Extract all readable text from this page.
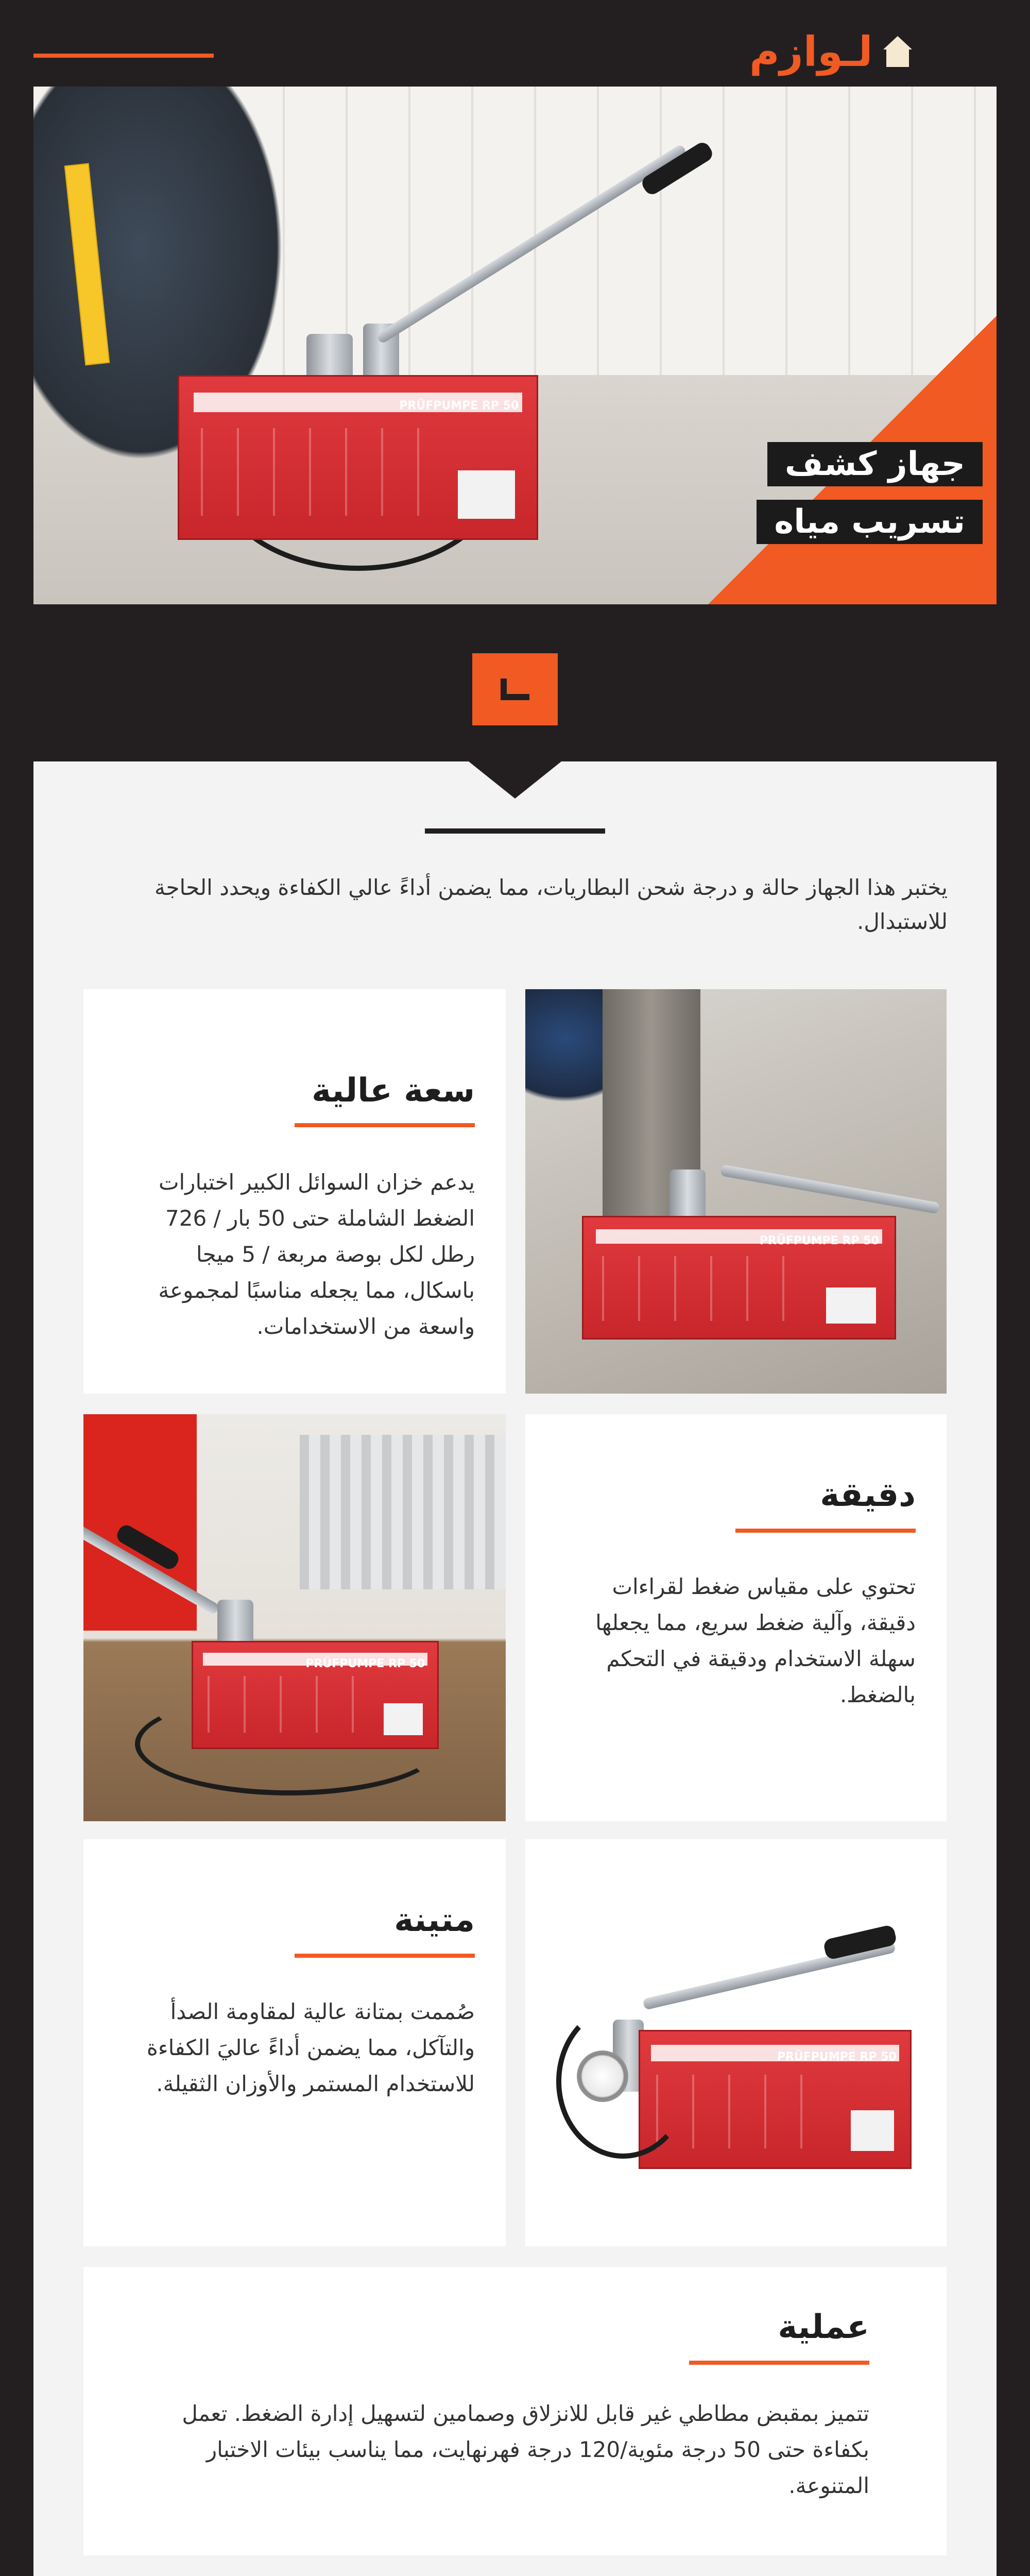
لـوازم
PRÜFPUMPE RP 50
جهاز كشف
تسريب مياه
يختبر هذا الجهاز حالة و درجة شحن البطاريات، مما يضمن أداءً عالي الكفاءة ويحدد الحاجة للاستبدال.
سعة عالية
يدعم خزان السوائل الكبير اختبارات الضغط الشاملة حتى 50 بار / 726 رطل لكل بوصة مربعة / 5 ميجا باسكال، مما يجعله مناسبًا لمجموعة واسعة من الاستخدامات.
PRÜFPUMPE RP 50
PRÜFPUMPE RP 50
دقيقة
تحتوي على مقياس ضغط لقراءات دقيقة، وآلية ضغط سريع، مما يجعلها سهلة الاستخدام ودقيقة في التحكم بالضغط.
متينة
صُممت بمتانة عالية لمقاومة الصدأ والتآكل، مما يضمن أداءً عاليَ الكفاءة للاستخدام المستمر والأوزان الثقيلة.
PRÜFPUMPE RP 50
عملية
تتميز بمقبض مطاطي غير قابل للانزلاق وصمامين لتسهيل إدارة الضغط. تعمل بكفاءة حتى 50 درجة مئوية/120 درجة فهرنهايت، مما يناسب بيئات الاختبار المتنوعة.
